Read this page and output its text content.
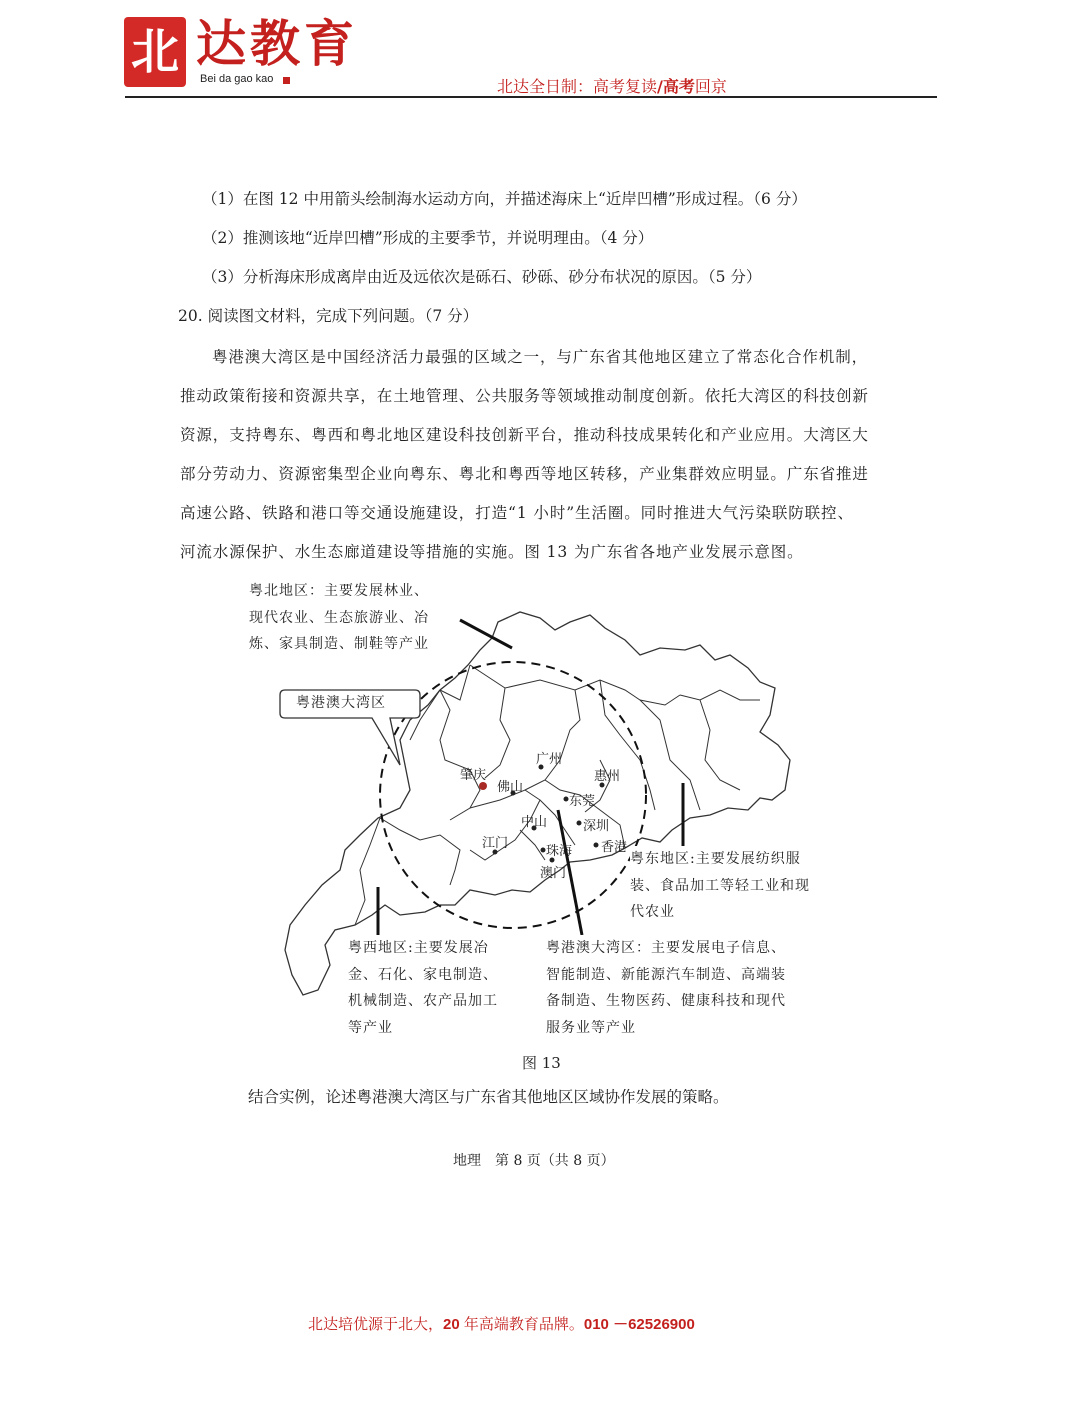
北 达教育
Bei da gao kao	北达全日制：高考复读/高考回京
（1）在图 12 中用箭头绘制海水运动方向，并描述海床上“近岸凹槽”形成过程。（6 分）
（2）推测该地“近岸凹槽”形成的主要季节，并说明理由。（4 分）
（3）分析海床形成离岸由近及远依次是砾石、砂砾、砂分布状况的原因。（5 分）
20. 阅读图文材料，完成下列问题。（7 分）
粤港澳大湾区是中国经济活力最强的区域之一，与广东省其他地区建立了常态化合作机制，
推动政策衔接和资源共享，在土地管理、公共服务等领域推动制度创新。依托大湾区的科技创新
资源，支持粤东、粤西和粤北地区建设科技创新平台，推动科技成果转化和产业应用。大湾区大
部分劳动力、资源密集型企业向粤东、粤北和粤西等地区转移，产业集群效应明显。广东省推进
高速公路、铁路和港口等交通设施建设，打造“1 小时”生活圈。同时推进大气污染联防联控、
河流水源保护、水生态廊道建设等措施的实施。图 13 为广东省各地产业发展示意图。
粤北地区：主要发展林业、
现代农业、生态旅游业、冶
炼、家具制造、制鞋等产业
粤港澳大湾区
粤东地区:主要发展纺织服
装、食品加工等轻工业和现
代农业
粤西地区:主要发展冶
金、石化、家电制造、
机械制造、农产品加工
等产业
粤港澳大湾区：主要发展电子信息、
智能制造、新能源汽车制造、高端装
备制造、生物医药、健康科技和现代
服务业等产业
肇庆
广州
佛山
惠州
东莞
深圳
中山
江门
珠海 香港
澳门
图 13
结合实例，论述粤港澳大湾区与广东省其他地区区域协作发展的策略。
地理　第 8 页（共 8 页）
北达培优源于北大，20 年高端教育品牌。010 －62526900
